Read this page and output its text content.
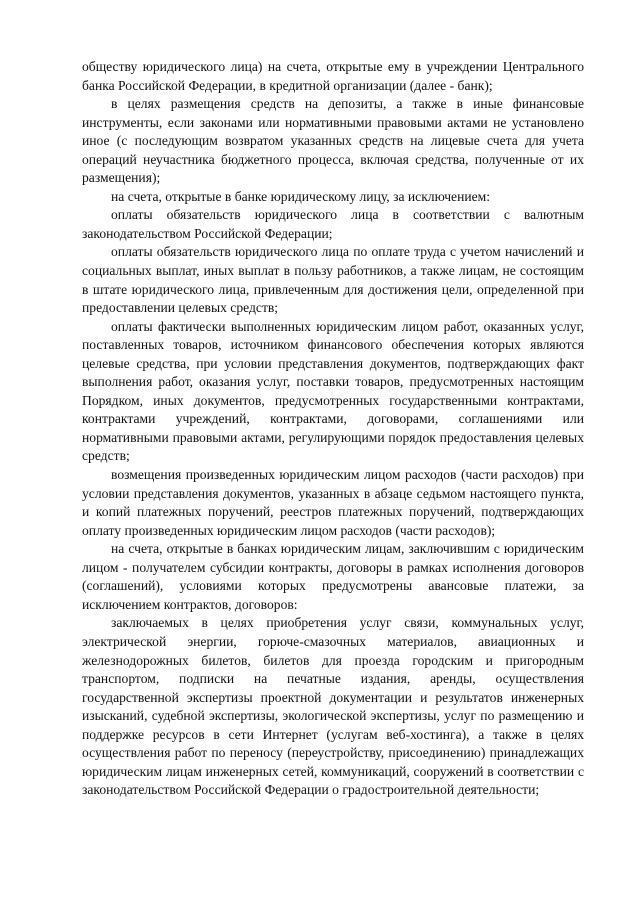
обществу юридического лица) на счета, открытые ему в учреждении Центрального банка Российской Федерации, в кредитной организации (далее - банк);

в целях размещения средств на депозиты, а также в иные финансовые инструменты, если законами или нормативными правовыми актами не установлено иное (с последующим возвратом указанных средств на лицевые счета для учета операций неучастника бюджетного процесса, включая средства, полученные от их размещения);

на счета, открытые в банке юридическому лицу, за исключением:

оплаты обязательств юридического лица в соответствии с валютным законодательством Российской Федерации;

оплаты обязательств юридического лица по оплате труда с учетом начислений и социальных выплат, иных выплат в пользу работников, а также лицам, не состоящим в штате юридического лица, привлеченным для достижения цели, определенной при предоставлении целевых средств;

оплаты фактически выполненных юридическим лицом работ, оказанных услуг, поставленных товаров, источником финансового обеспечения которых являются целевые средства, при условии представления документов, подтверждающих факт выполнения работ, оказания услуг, поставки товаров, предусмотренных настоящим Порядком, иных документов, предусмотренных государственными контрактами, контрактами учреждений, контрактами, договорами, соглашениями или нормативными правовыми актами, регулирующими порядок предоставления целевых средств;

возмещения произведенных юридическим лицом расходов (части расходов) при условии представления документов, указанных в абзаце седьмом настоящего пункта, и копий платежных поручений, реестров платежных поручений, подтверждающих оплату произведенных юридическим лицом расходов (части расходов);

на счета, открытые в банках юридическим лицам, заключившим с юридическим лицом - получателем субсидии контракты, договоры в рамках исполнения договоров (соглашений), условиями которых предусмотрены авансовые платежи, за исключением контрактов, договоров:

заключаемых в целях приобретения услуг связи, коммунальных услуг, электрической энергии, горюче-смазочных материалов, авиационных и железнодорожных билетов, билетов для проезда городским и пригородным транспортом, подписки на печатные издания, аренды, осуществления государственной экспертизы проектной документации и результатов инженерных изысканий, судебной экспертизы, экологической экспертизы, услуг по размещению и поддержке ресурсов в сети Интернет (услугам веб-хостинга), а также в целях осуществления работ по переносу (переустройству, присоединению) принадлежащих юридическим лицам инженерных сетей, коммуникаций, сооружений в соответствии с законодательством Российской Федерации о градостроительной деятельности;
